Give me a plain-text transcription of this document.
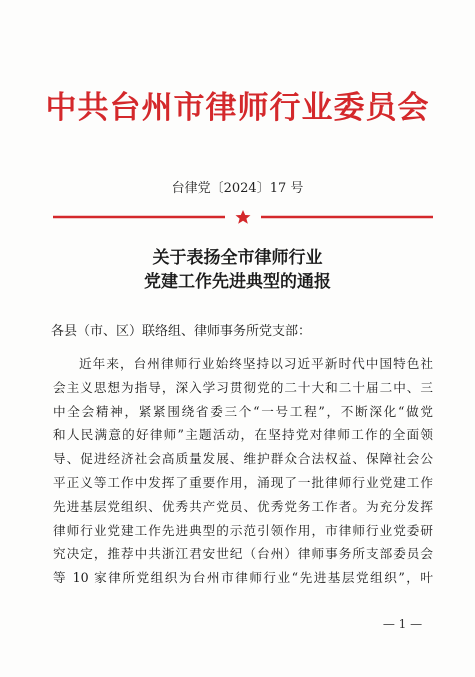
中共台州市律师行业委员会
台律党〔2024〕17 号
关于表扬全市律师行业
党建工作先进典型的通报
各县（市、区）联络组、律师事务所党支部：
近年来，台州律师行业始终坚持以习近平新时代中国特色社
会主义思想为指导，深入学习贯彻党的二十大和二十届二中、三
中全会精神，紧紧围绕省委三个“一号工程”，不断深化“做党
和人民满意的好律师”主题活动，在坚持党对律师工作的全面领
导、促进经济社会高质量发展、维护群众合法权益、保障社会公
平正义等工作中发挥了重要作用，涌现了一批律师行业党建工作
先进基层党组织、优秀共产党员、优秀党务工作者。为充分发挥
律师行业党建工作先进典型的示范引领作用，市律师行业党委研
究决定，推荐中共浙江君安世纪（台州）律师事务所支部委员会
等 10 家律所党组织为台州市律师行业“先进基层党组织”，叶
— 1 —
